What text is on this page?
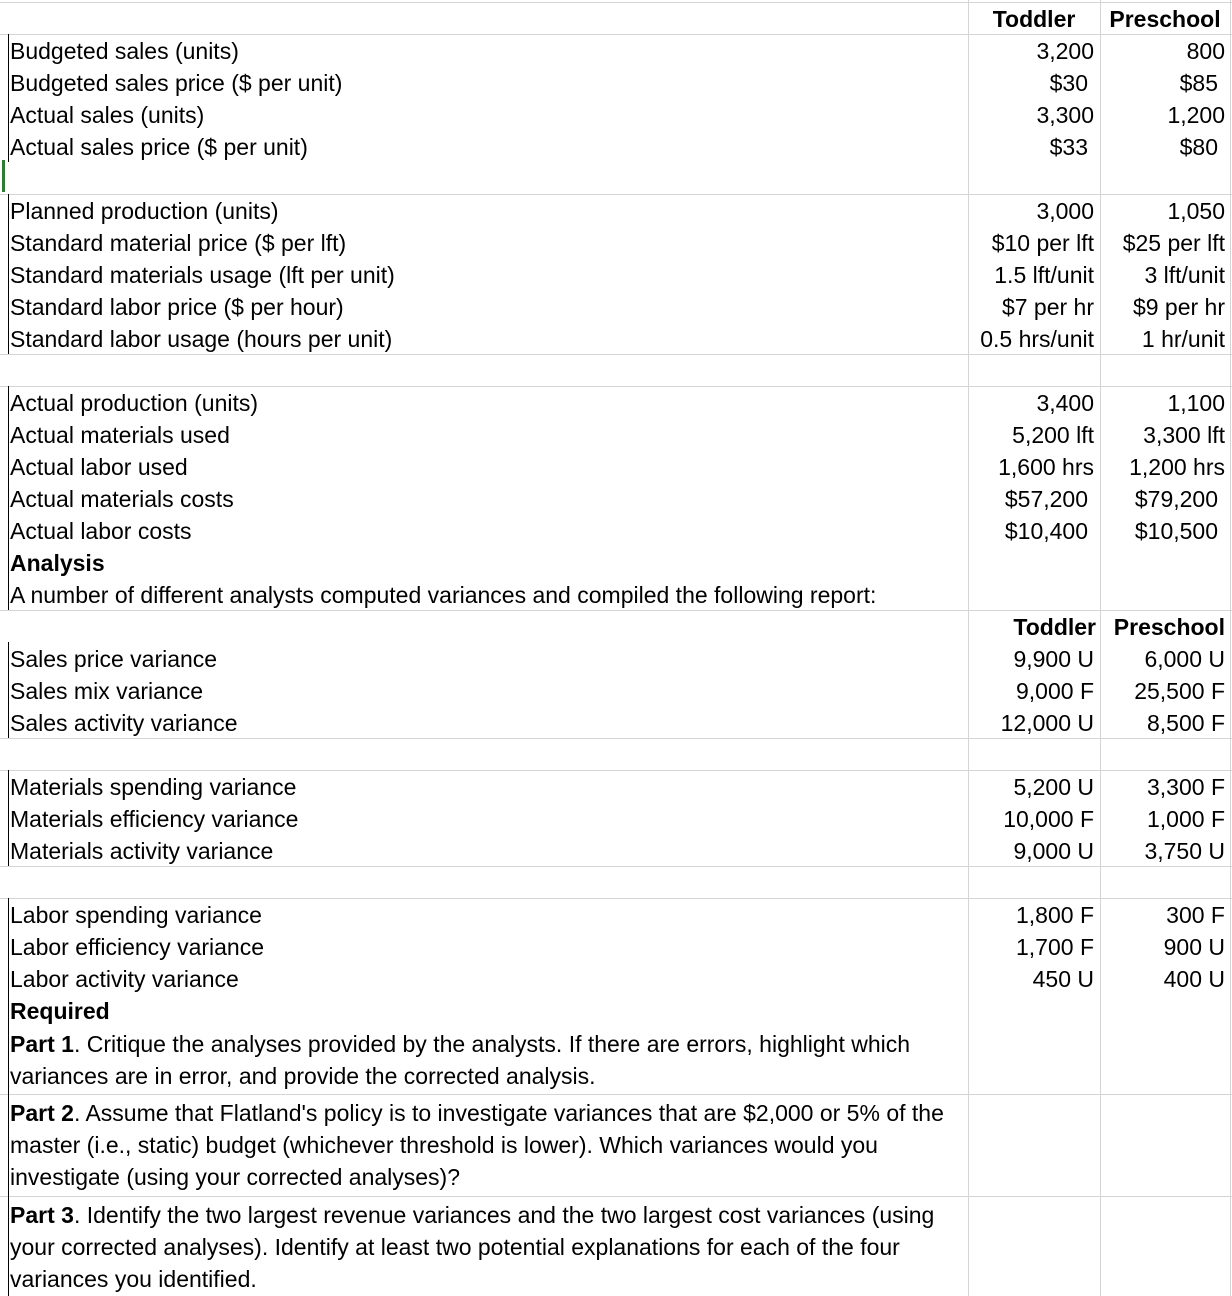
Toddler	Preschool
Budgeted sales (units)	3,200	800
Budgeted sales price ($ per unit)	$30	$85
Actual sales (units)	3,300	1,200
Actual sales price ($ per unit)	$33	$80
Planned production (units)	3,000	1,050
Standard material price ($ per lft)	$10 per lft	$25 per lft
Standard materials usage (lft per unit)	1.5 lft/unit	3 lft/unit
Standard labor price ($ per hour)	$7 per hr	$9 per hr
Standard labor usage (hours per unit)	0.5 hrs/unit	1 hr/unit
Actual production (units)	3,400	1,100
Actual materials used	5,200 lft	3,300 lft
Actual labor used	1,600 hrs	1,200 hrs
Actual materials costs	$57,200	$79,200
Actual labor costs	$10,400	$10,500
Analysis
A number of different analysts computed variances and compiled the following report:
Toddler Preschool
Sales price variance	9,900 U	6,000 U
Sales mix variance	9,000 F	25,500 F
Sales activity variance	12,000 U	8,500 F
Materials spending variance	5,200 U	3,300 F
Materials efficiency variance	10,000 F	1,000 F
Materials activity variance	9,000 U	3,750 U
Labor spending variance	1,800 F	300 F
Labor efficiency variance	1,700 F	900 U
Labor activity variance	450 U	400 U
Required
Part 1. Critique the analyses provided by the analysts. If there are errors, highlight which variances are in error, and provide the corrected analysis.
Part 2. Assume that Flatland's policy is to investigate variances that are $2,000 or 5% of the master (i.e., static) budget (whichever threshold is lower). Which variances would you investigate (using your corrected analyses)?
Part 3. Identify the two largest revenue variances and the two largest cost variances (using your corrected analyses). Identify at least two potential explanations for each of the four variances you identified.
